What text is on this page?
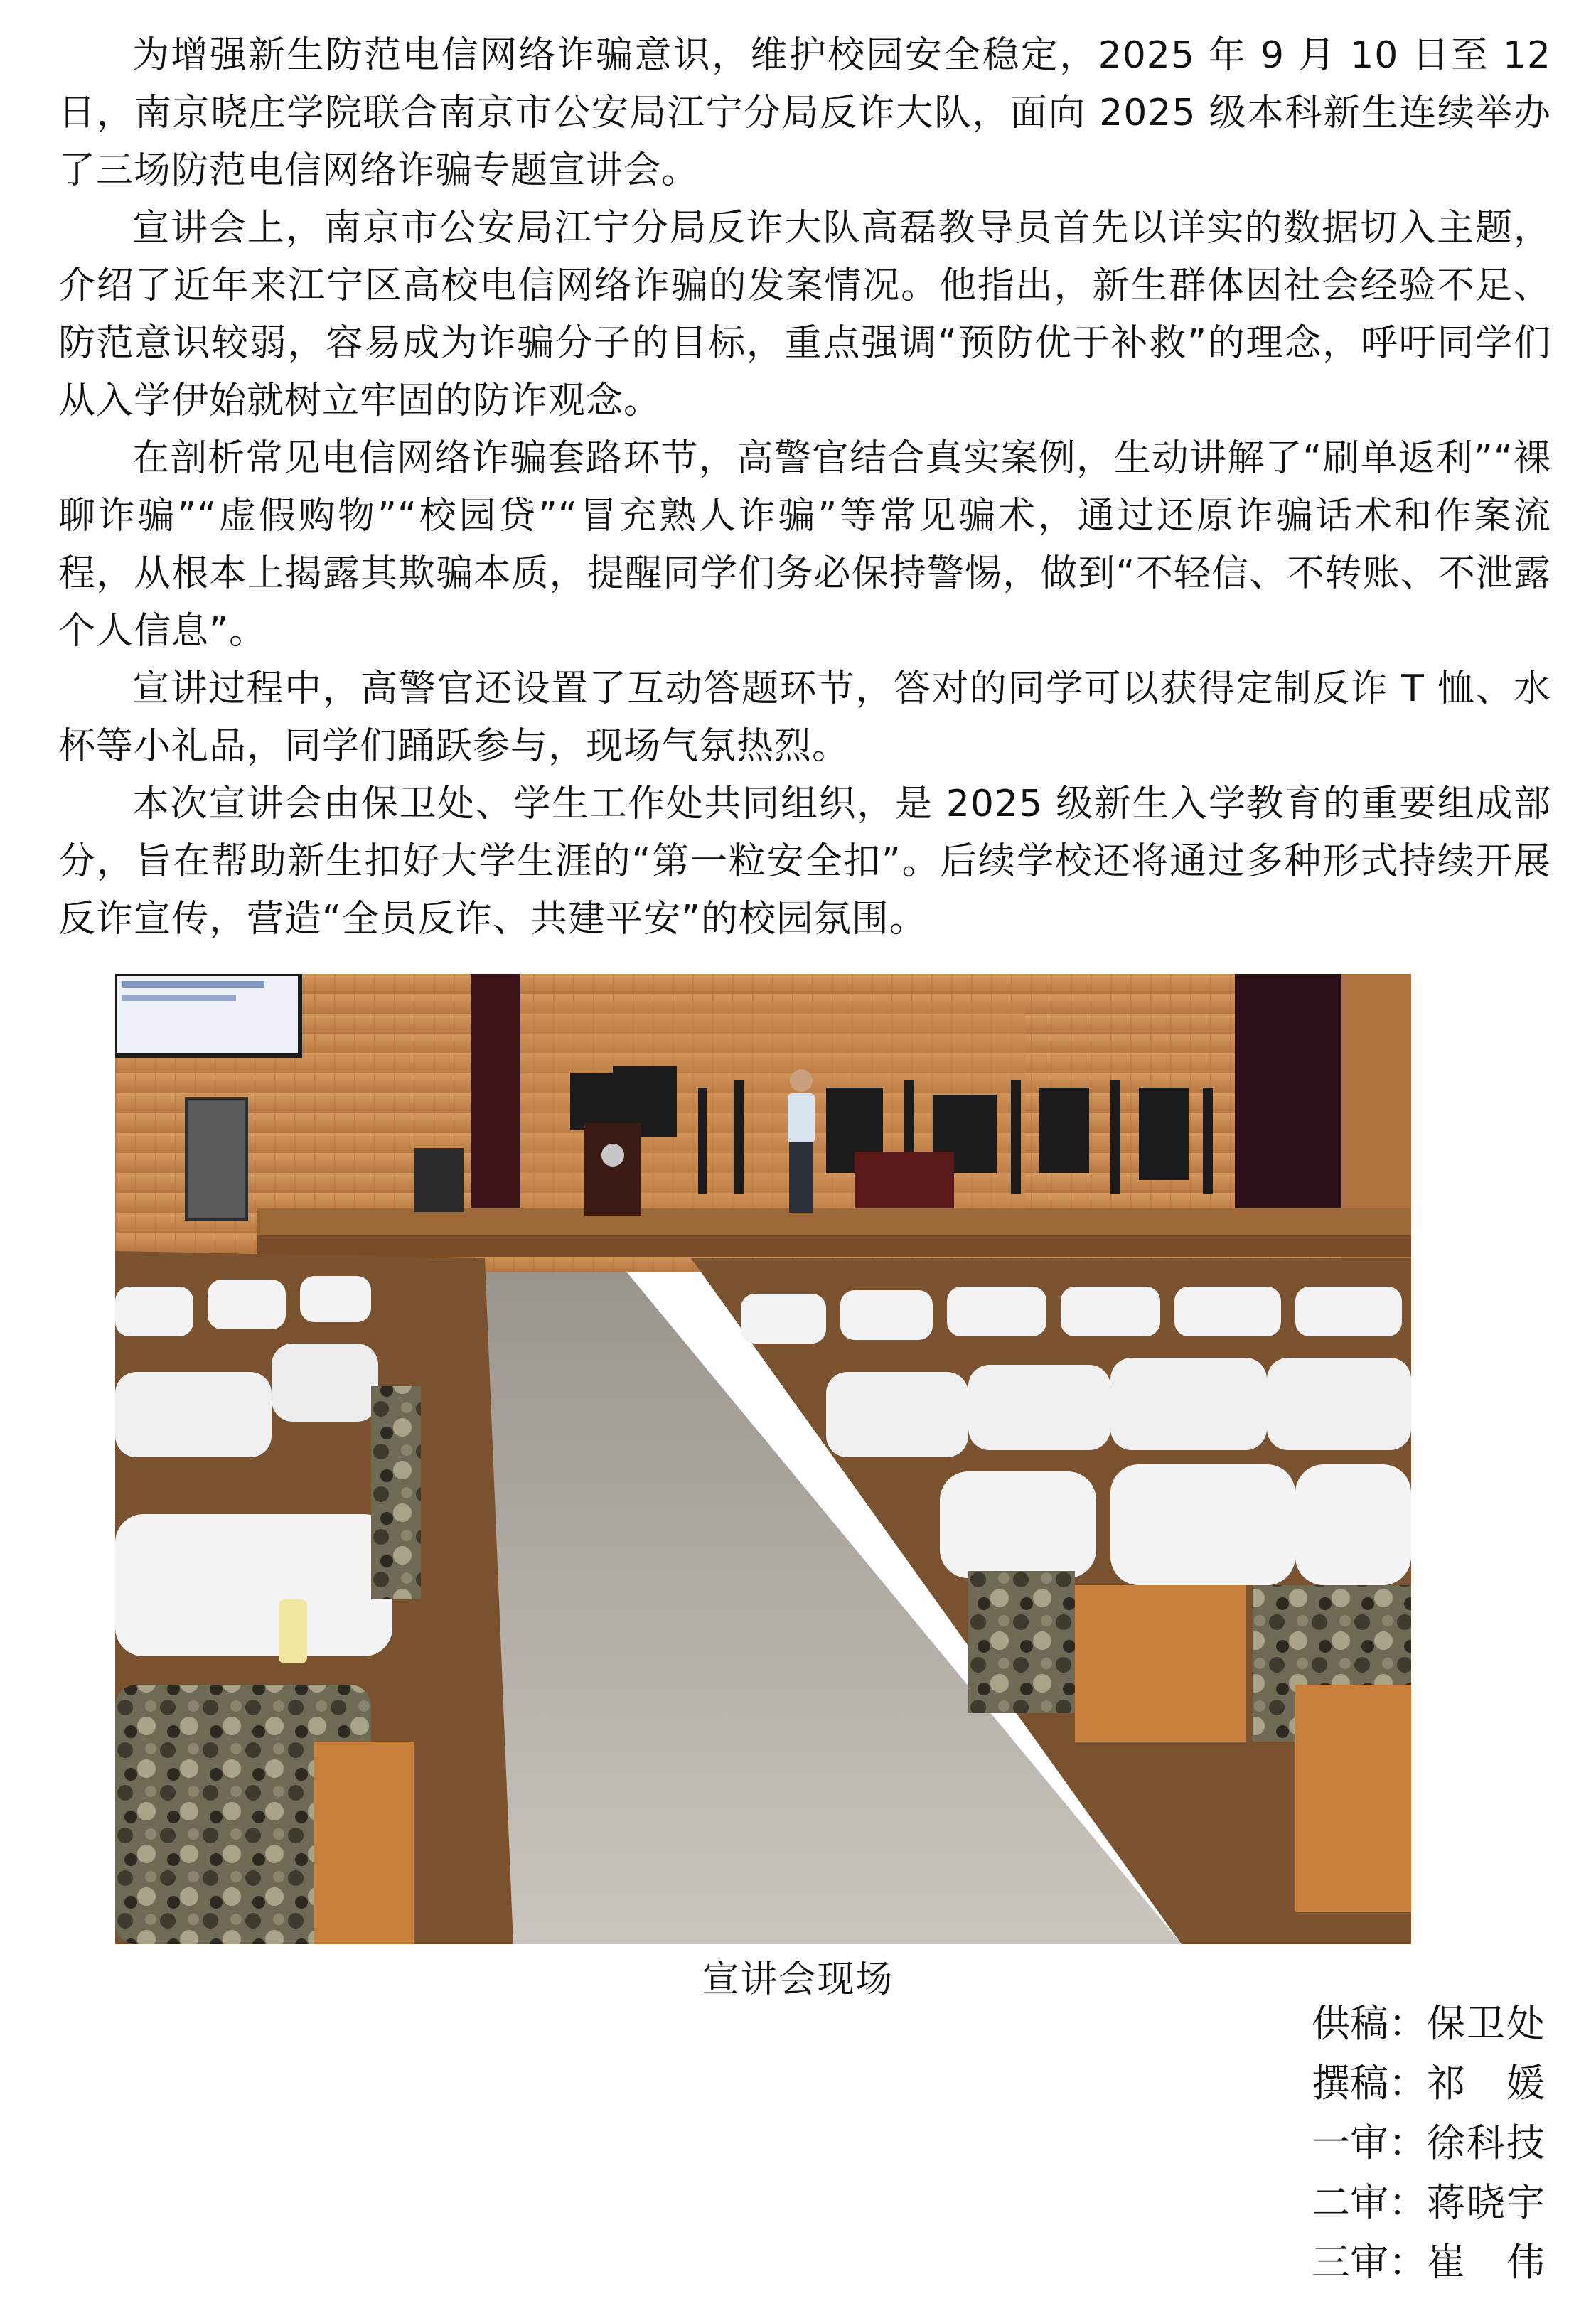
为增强新生防范电信网络诈骗意识，维护校园安全稳定，2025 年 9 月 10 日至 12 日，南京晓庄学院联合南京市公安局江宁分局反诈大队，面向 2025 级本科新生连续举办了三场防范电信网络诈骗专题宣讲会。

宣讲会上，南京市公安局江宁分局反诈大队高磊教导员首先以详实的数据切入主题，介绍了近年来江宁区高校电信网络诈骗的发案情况。他指出，新生群体因社会经验不足、防范意识较弱，容易成为诈骗分子的目标，重点强调“预防优于补救”的理念，呼吁同学们从入学伊始就树立牢固的防诈观念。

在剖析常见电信网络诈骗套路环节，高警官结合真实案例，生动讲解了“刷单返利”“裸聊诈骗”“虚假购物”“校园贷”“冒充熟人诈骗”等常见骗术，通过还原诈骗话术和作案流程，从根本上揭露其欺骗本质，提醒同学们务必保持警惕，做到“不轻信、不转账、不泄露个人信息”。

宣讲过程中，高警官还设置了互动答题环节，答对的同学可以获得定制反诈 T 恤、水杯等小礼品，同学们踊跃参与，现场气氛热烈。

本次宣讲会由保卫处、学生工作处共同组织，是 2025 级新生入学教育的重要组成部分，旨在帮助新生扣好大学生涯的“第一粒安全扣”。后续学校还将通过多种形式持续开展反诈宣传，营造“全员反诈、共建平安”的校园氛围。

宣讲会现场
供稿：保卫处
撰稿：祁　媛
一审：徐科技
二审：蒋晓宇
三审：崔　伟
